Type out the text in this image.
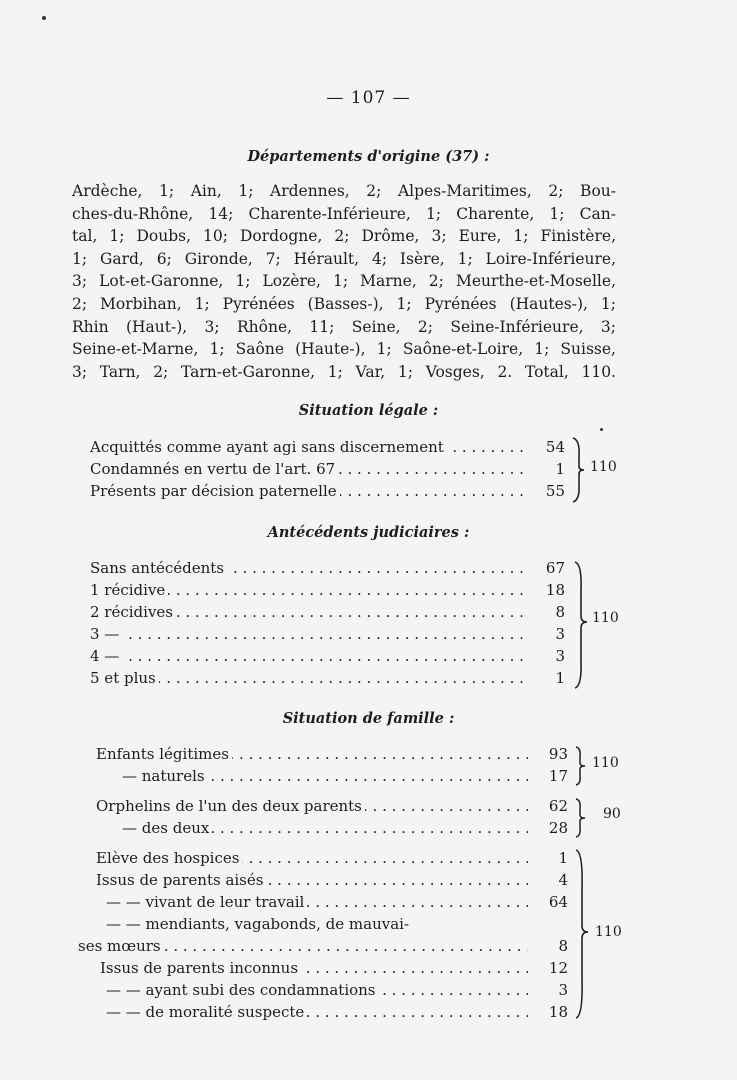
— 107 —
Départements d'origine (37) :
Ardèche, 1; Ain, 1; Ardennes, 2; Alpes-Maritimes, 2; Bou-
ches-du-Rhône, 14; Charente-Inférieure, 1; Charente, 1; Can-
tal, 1; Doubs, 10; Dordogne, 2; Drôme, 3; Eure, 1; Finistère,
1; Gard, 6; Gironde, 7; Hérault, 4; Isère, 1; Loire-Inférieure,
3; Lot-et-Garonne, 1; Lozère, 1; Marne, 2; Meurthe-et-Moselle,
2; Morbihan, 1; Pyrénées (Basses-), 1; Pyrénées (Hautes-), 1;
Rhin (Haut-), 3; Rhône, 11; Seine, 2; Seine-Inférieure, 3;
Seine-et-Marne, 1; Saône (Haute-), 1; Saône-et-Loire, 1; Suisse,
3; Tarn, 2; Tarn-et-Garonne, 1; Var, 1; Vosges, 2. Total, 110.
Situation légale :
Acquittés comme ayant agi sans discernement . . .	54
Condamnés en vertu de l'art. 67 . . .	1
Présents par décision paternelle . . .	55
110
Antécédents judiciaires :
Sans antécédents . . .	67
1 récidive . . .	18
2 récidives . . .	8
3 — . . .	3
4 — . . .	3
5 et plus . . .	1
110
Situation de famille :
Enfants légitimes . . .	93
— naturels . . .	17
110
Orphelins de l'un des deux parents . . .	62
— des deux . . .	28
90
Elève des hospices . . .	1
Issus de parents aisés . . .	4
— — vivant de leur travail . . .	64
— — mendiants, vagabonds, de mauvai-
ses mœurs . . .	8
Issus de parents inconnus . . .	12
— — ayant subi des condamnations . . .	3
— — de moralité suspecte . . .	18
110
